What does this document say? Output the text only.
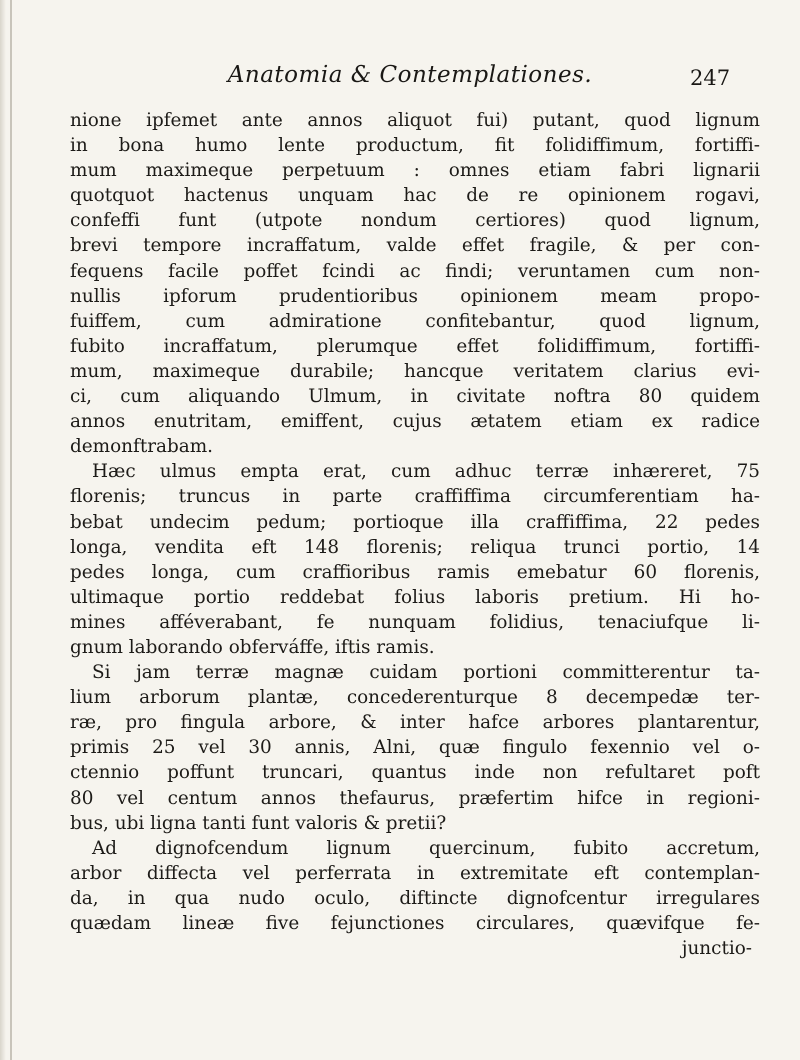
Anatomia & Contemplationes.	247
nione ipfemet ante annos aliquot fui) putant, quod lignum
in bona humo lente productum, fit folidiffimum, fortiffi-
mum maximeque perpetuum : omnes etiam fabri lignarii
quotquot hactenus unquam hac de re opinionem rogavi,
confeffi funt (utpote nondum certiores) quod lignum,
brevi tempore incraffatum, valde effet fragile, & per con-
fequens facile poffet fcindi ac findi; veruntamen cum non-
nullis ipforum prudentioribus opinionem meam propo-
fuiffem, cum admiratione confitebantur, quod lignum,
fubito incraffatum, plerumque effet folidiffimum, fortiffi-
mum, maximeque durabile; hancque veritatem clarius evi-
ci, cum aliquando Ulmum, in civitate noftra 80 quidem
annos enutritam, emiffent, cujus ætatem etiam ex radice
demonftrabam.
Hæc ulmus empta erat, cum adhuc terræ inhæreret, 75
florenis; truncus in parte craffiffima circumferentiam ha-
bebat undecim pedum; portioque illa craffiffima, 22 pedes
longa, vendita eft 148 florenis; reliqua trunci portio, 14
pedes longa, cum craffioribus ramis emebatur 60 florenis,
ultimaque portio reddebat folius laboris pretium. Hi ho-
mines afféverabant, fe nunquam folidius, tenaciufque li-
gnum laborando obferváffe, iftis ramis.
Si jam terræ magnæ cuidam portioni committerentur ta-
lium arborum plantæ, concederenturque 8 decempedæ ter-
ræ, pro fingula arbore, & inter hafce arbores plantarentur,
primis 25 vel 30 annis, Alni, quæ fingulo fexennio vel o-
ctennio poffunt truncari, quantus inde non refultaret poft
80 vel centum annos thefaurus, præfertim hifce in regioni-
bus, ubi ligna tanti funt valoris & pretii?
Ad dignofcendum lignum quercinum, fubito accretum,
arbor diffecta vel perferrata in extremitate eft contemplan-
da, in qua nudo oculo, diftincte dignofcentur irregulares
quædam lineæ five fejunctiones circulares, quævifque fe-
junctio-
